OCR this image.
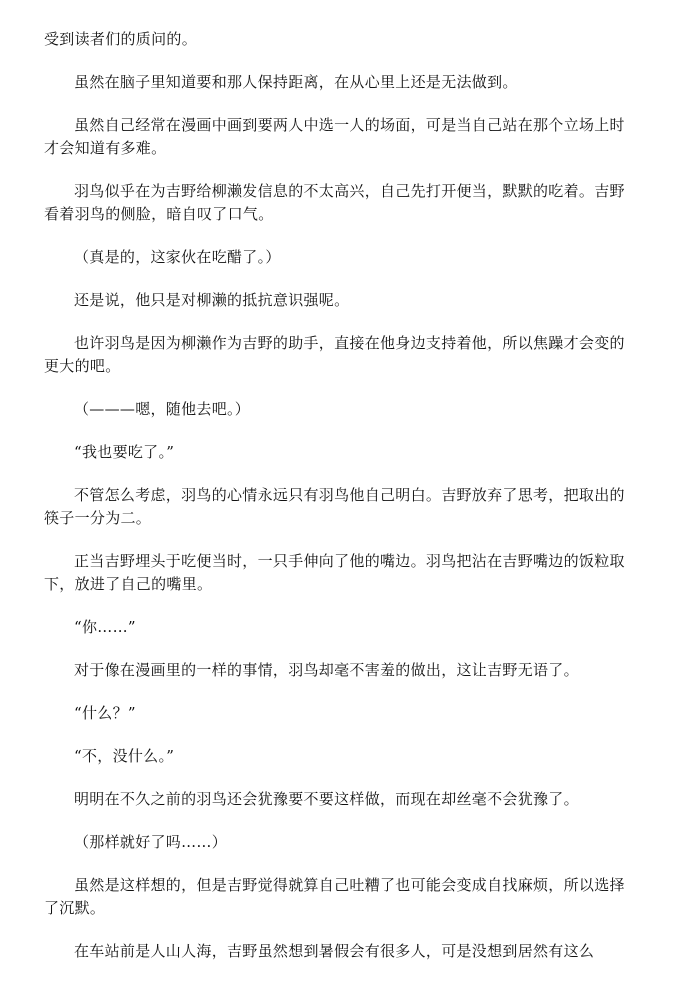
受到读者们的质问的。

虽然在脑子里知道要和那人保持距离，在从心里上还是无法做到。

虽然自己经常在漫画中画到要两人中选一人的场面，可是当自己站在那个立场上时才会知道有多难。

羽鸟似乎在为吉野给柳濑发信息的不太高兴，自己先打开便当，默默的吃着。吉野看着羽鸟的侧脸，暗自叹了口气。

（真是的，这家伙在吃醋了。）

还是说，他只是对柳濑的抵抗意识强呢。

也许羽鸟是因为柳濑作为吉野的助手，直接在他身边支持着他，所以焦躁才会变的更大的吧。

（———嗯，随他去吧。）

“我也要吃了。”

不管怎么考虑，羽鸟的心情永远只有羽鸟他自己明白。吉野放弃了思考，把取出的筷子一分为二。

正当吉野埋头于吃便当时，一只手伸向了他的嘴边。羽鸟把沾在吉野嘴边的饭粒取下，放进了自己的嘴里。

“你……”

对于像在漫画里的一样的事情，羽鸟却毫不害羞的做出，这让吉野无语了。

“什么？”

“不，没什么。”

明明在不久之前的羽鸟还会犹豫要不要这样做，而现在却丝毫不会犹豫了。

（那样就好了吗……）

虽然是这样想的，但是吉野觉得就算自己吐糟了也可能会变成自找麻烦，所以选择了沉默。

在车站前是人山人海，吉野虽然想到暑假会有很多人，可是没想到居然有这么
